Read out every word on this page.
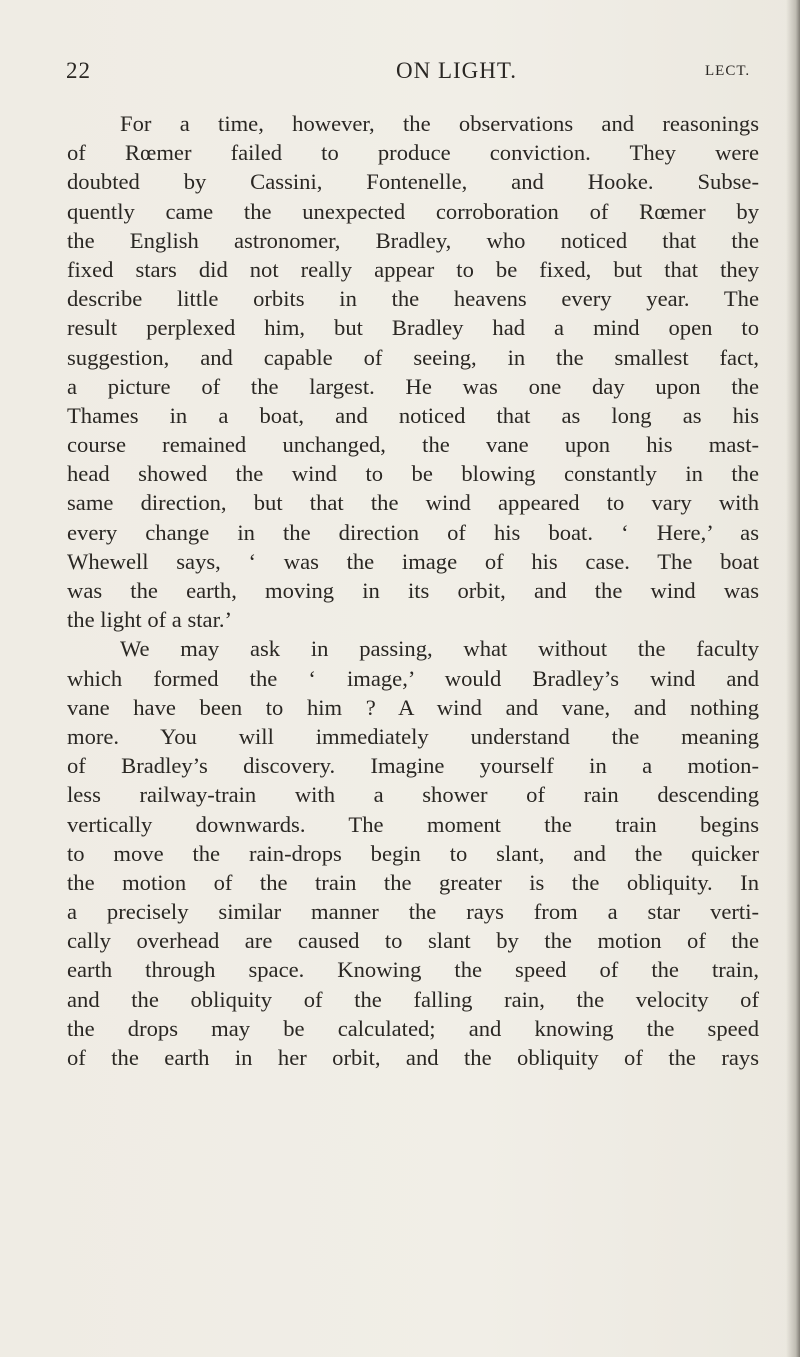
22	ON LIGHT.	LECT.
For a time, however, the observations and reasonings
of Rœmer failed to produce conviction. They were
doubted by Cassini, Fontenelle, and Hooke. Subse-
quently came the unexpected corroboration of Rœmer by
the English astronomer, Bradley, who noticed that the
fixed stars did not really appear to be fixed, but that they
describe little orbits in the heavens every year. The
result perplexed him, but Bradley had a mind open to
suggestion, and capable of seeing, in the smallest fact,
a picture of the largest. He was one day upon the
Thames in a boat, and noticed that as long as his
course remained unchanged, the vane upon his mast-
head showed the wind to be blowing constantly in the
same direction, but that the wind appeared to vary with
every change in the direction of his boat. ‘ Here,’ as
Whewell says, ‘ was the image of his case. The boat
was the earth, moving in its orbit, and the wind was
the light of a star.’
We may ask in passing, what without the faculty
which formed the ‘ image,’ would Bradley’s wind and
vane have been to him ? A wind and vane, and nothing
more. You will immediately understand the meaning
of Bradley’s discovery. Imagine yourself in a motion-
less railway-train with a shower of rain descending
vertically downwards. The moment the train begins
to move the rain-drops begin to slant, and the quicker
the motion of the train the greater is the obliquity. In
a precisely similar manner the rays from a star verti-
cally overhead are caused to slant by the motion of the
earth through space. Knowing the speed of the train,
and the obliquity of the falling rain, the velocity of
the drops may be calculated; and knowing the speed
of the earth in her orbit, and the obliquity of the rays
